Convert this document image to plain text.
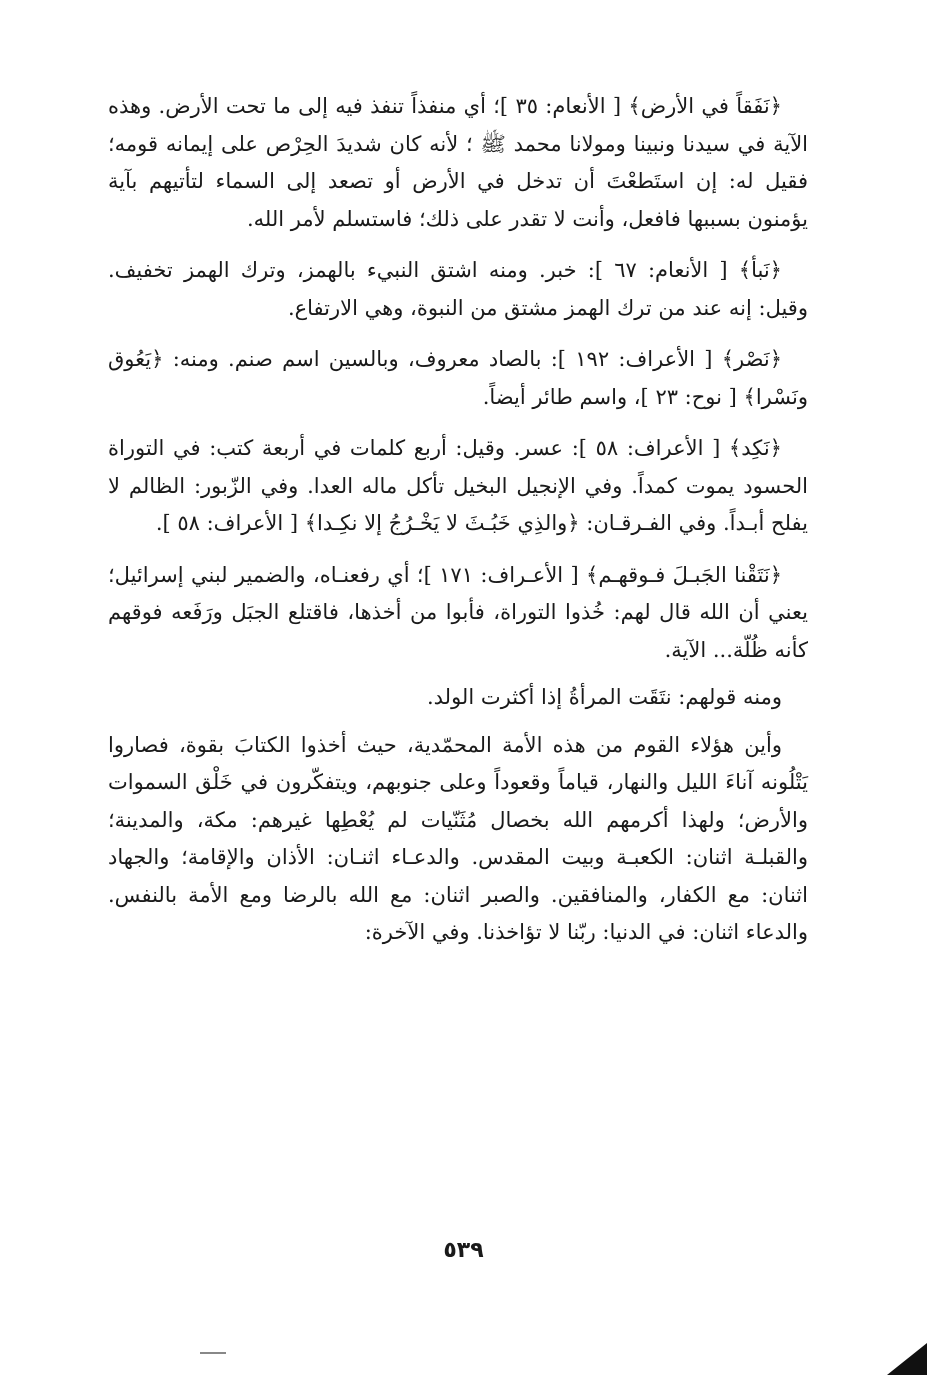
﴿نَفَقاً في الأرض﴾ [ الأنعام: ٣٥ ]؛ أي منفذاً تنفذ فيه إلى ما تحت الأرض. وهذه الآية في سيدنا ونبينا ومولانا محمد ﷺ ؛ لأنه كان شديدَ الحِرْص على إيمانه قومه؛ فقيل له: إن استَطعْتَ أن تدخل في الأرض أو تصعد إلى السماء لتأتيهم بآية يؤمنون بسببها فافعل، وأنت لا تقدر على ذلك؛ فاستسلم لأمر الله.

﴿نَبأ﴾ [ الأنعام: ٦٧ ]: خبر. ومنه اشتق النبيء بالهمز، وترك الهمز تخفيف. وقيل: إنه عند من ترك الهمز مشتق من النبوة، وهي الارتفاع.

﴿نَصْر﴾ [ الأعراف: ١٩٢ ]: بالصاد معروف، وبالسين اسم صنم. ومنه: ﴿يَعُوق ونَسْرا﴾ [ نوح: ٢٣ ]، واسم طائر أيضاً.

﴿نَكِد﴾ [ الأعراف: ٥٨ ]: عسر. وقيل: أربع كلمات في أربعة كتب: في التوراة الحسود يموت كمداً. وفي الإنجيل البخيل تأكل ماله العدا. وفي الزّبور: الظالم لا يفلح أبـداً. وفي الفـرقـان: ﴿والذِي خَبُـثَ لا يَخْـرُجُ إلا نكِـدا﴾ [ الأعراف: ٥٨ ].

﴿نَتَقْنا الجَبـلَ فـوقهـم﴾ [ الأعـراف: ١٧١ ]؛ أي رفعنـاه، والضمير لبني إسرائيل؛ يعني أن الله قال لهم: خُذوا التوراة، فأبوا من أخذها، فاقتلع الجبَل ورَفَعه فوقهم كأنه ظُلّة... الآية.

ومنه قولهم: نتَقَت المرأةُ إذا أكثرت الولد.

وأين هؤلاء القوم من هذه الأمة المحمّدية، حيث أخذوا الكتابَ بقوة، فصاروا يَتْلُونه آناءَ الليل والنهار، قياماً وقعوداً وعلى جنوبهم، ويتفكّرون في خَلْق السموات والأرض؛ ولهذا أكرمهم الله بخصال مُثَنّيات لم يُعْطِها غيرهم: مكة، والمدينة؛ والقبلـة اثنان: الكعبـة وبيت المقدس. والدعـاء اثنـان: الأذان والإقامة؛ والجهاد اثنان: مع الكفار، والمنافقين. والصبر اثنان: مع الله بالرضا ومع الأمة بالنفس. والدعاء اثنان: في الدنيا: ربّنا لا تؤاخذنا. وفي الآخرة:

٥٣٩
